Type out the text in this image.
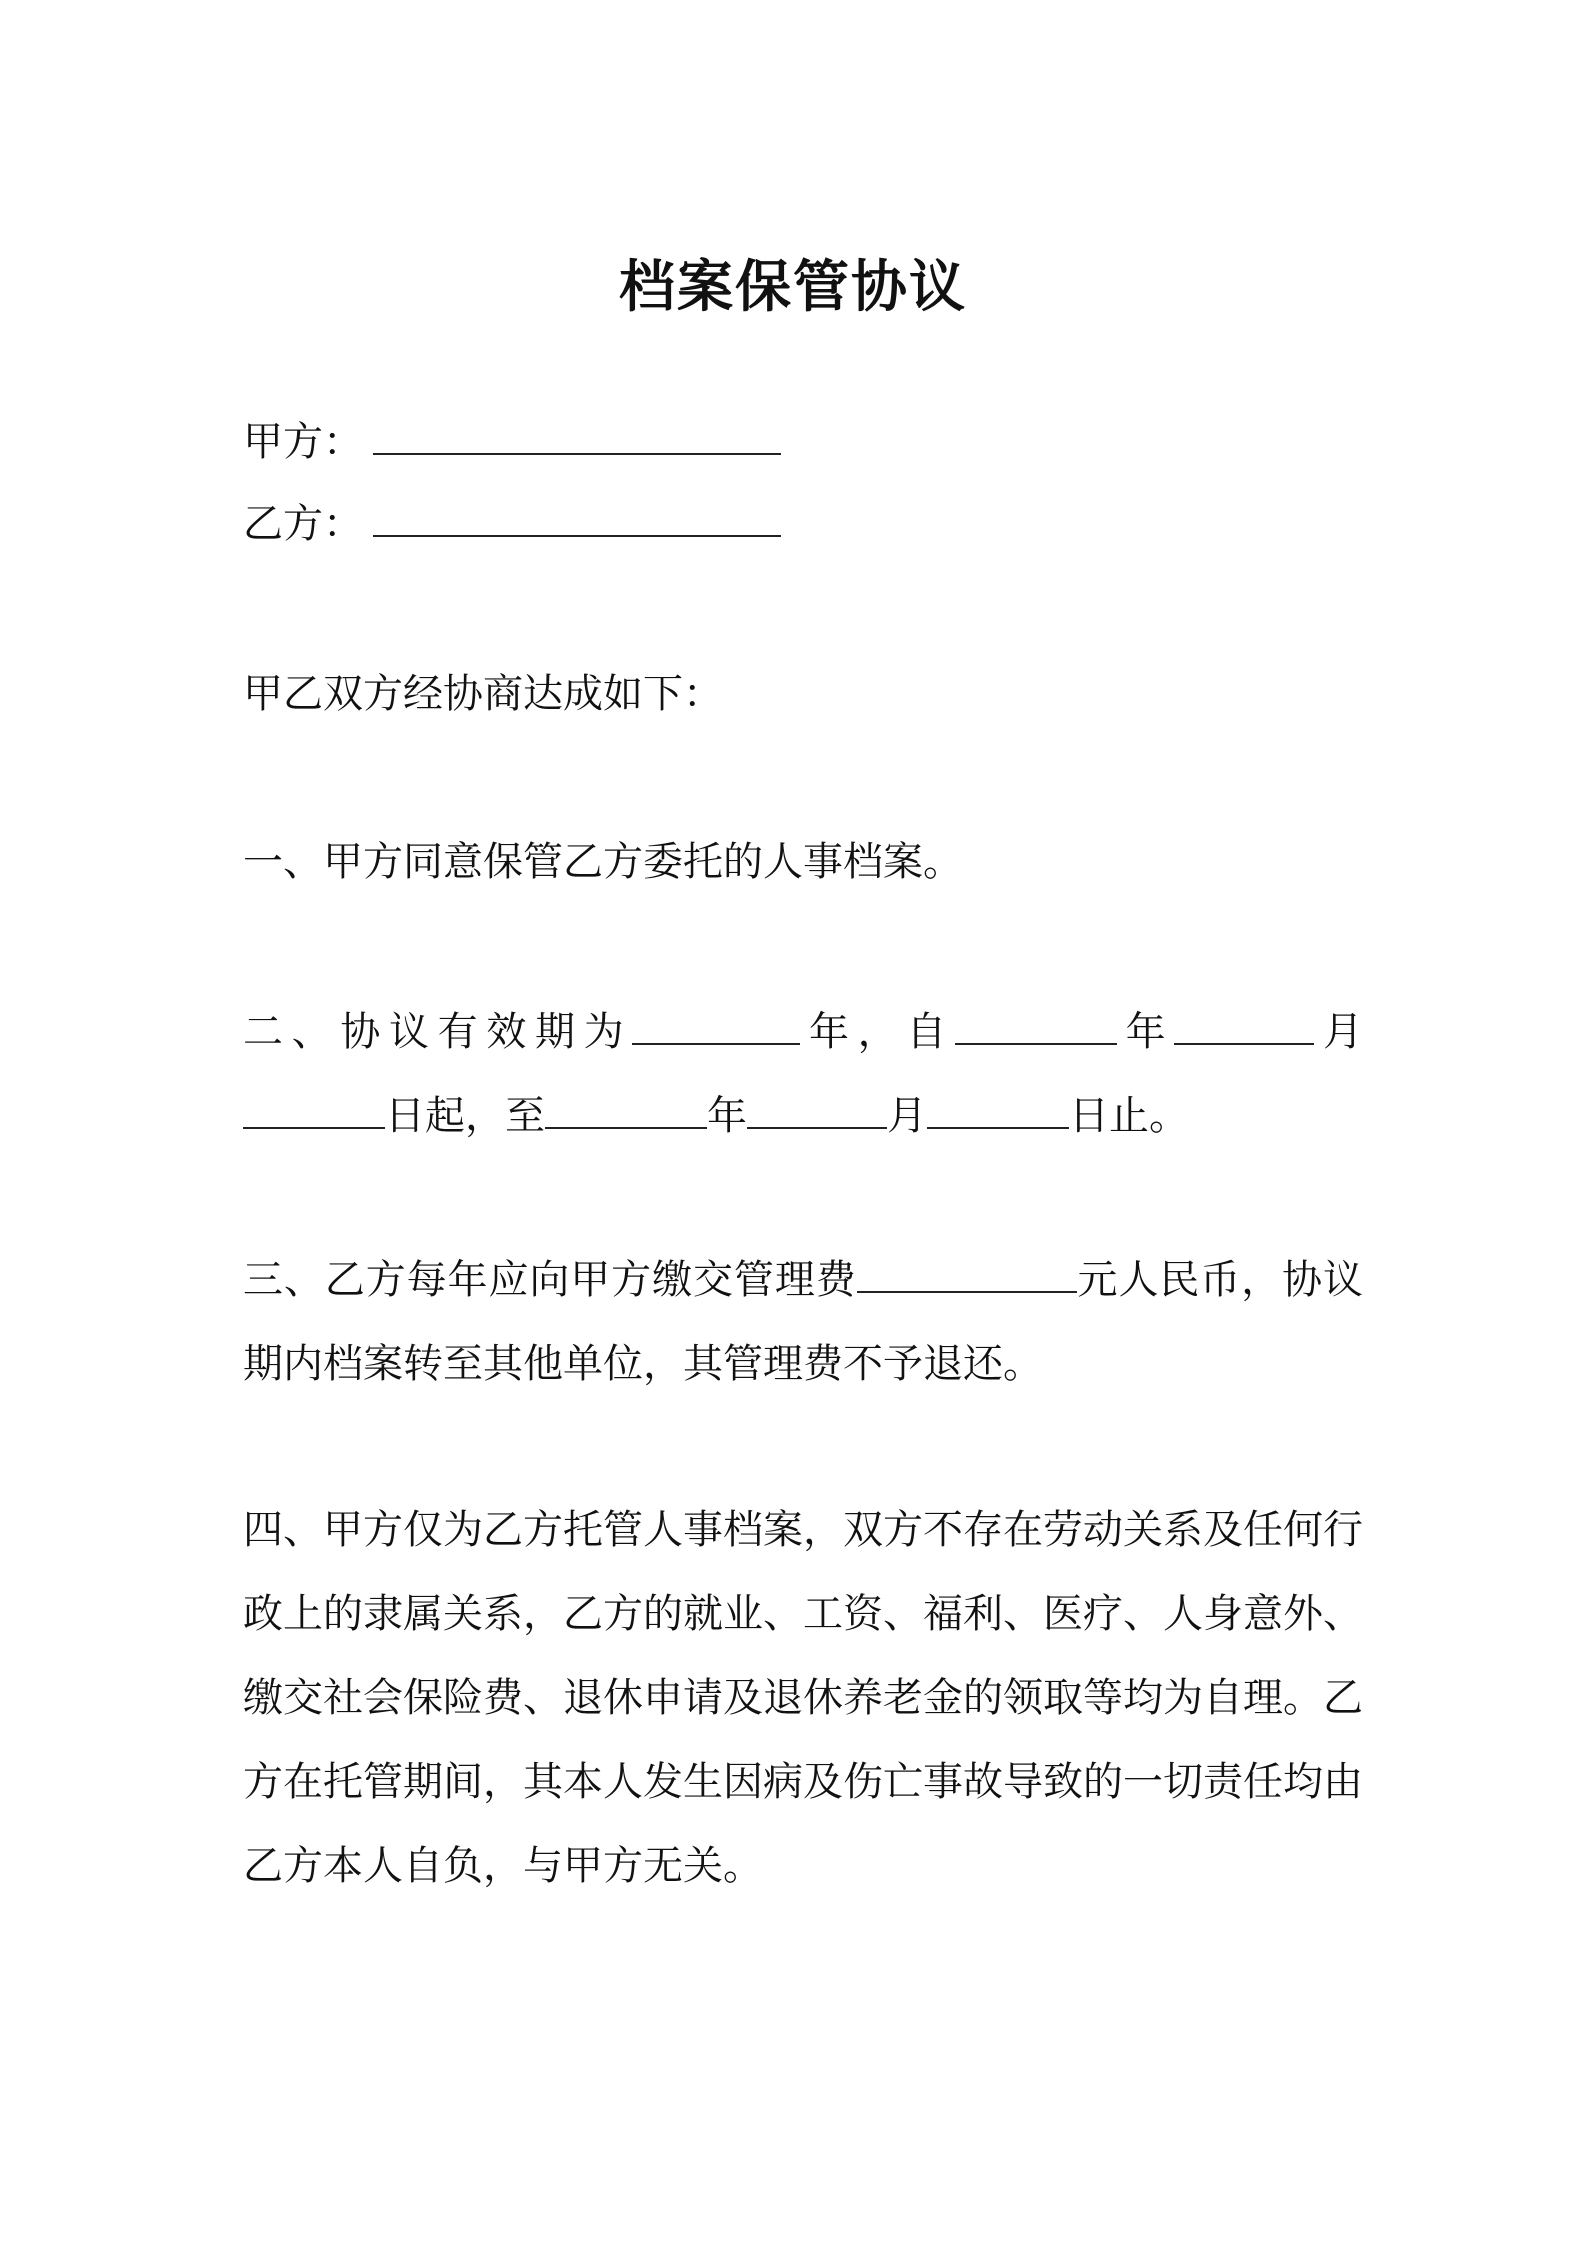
档案保管协议
甲方：
乙方：
甲乙双方经协商达成如下：
一、甲方同意保管乙方委托的人事档案。
二、协议有效期为	年，自	年	月日起，至	年	月	日止。
三、乙方每年应向甲方缴交管理费	元人民币，协议期内档案转至其他单位，其管理费不予退还。
四、甲方仅为乙方托管人事档案，双方不存在劳动关系及任何行政上的隶属关系，乙方的就业、工资、福利、医疗、人身意外、缴交社会保险费、退休申请及退休养老金的领取等均为自理。乙方在托管期间，其本人发生因病及伤亡事故导致的一切责任均由乙方本人自负，与甲方无关。
